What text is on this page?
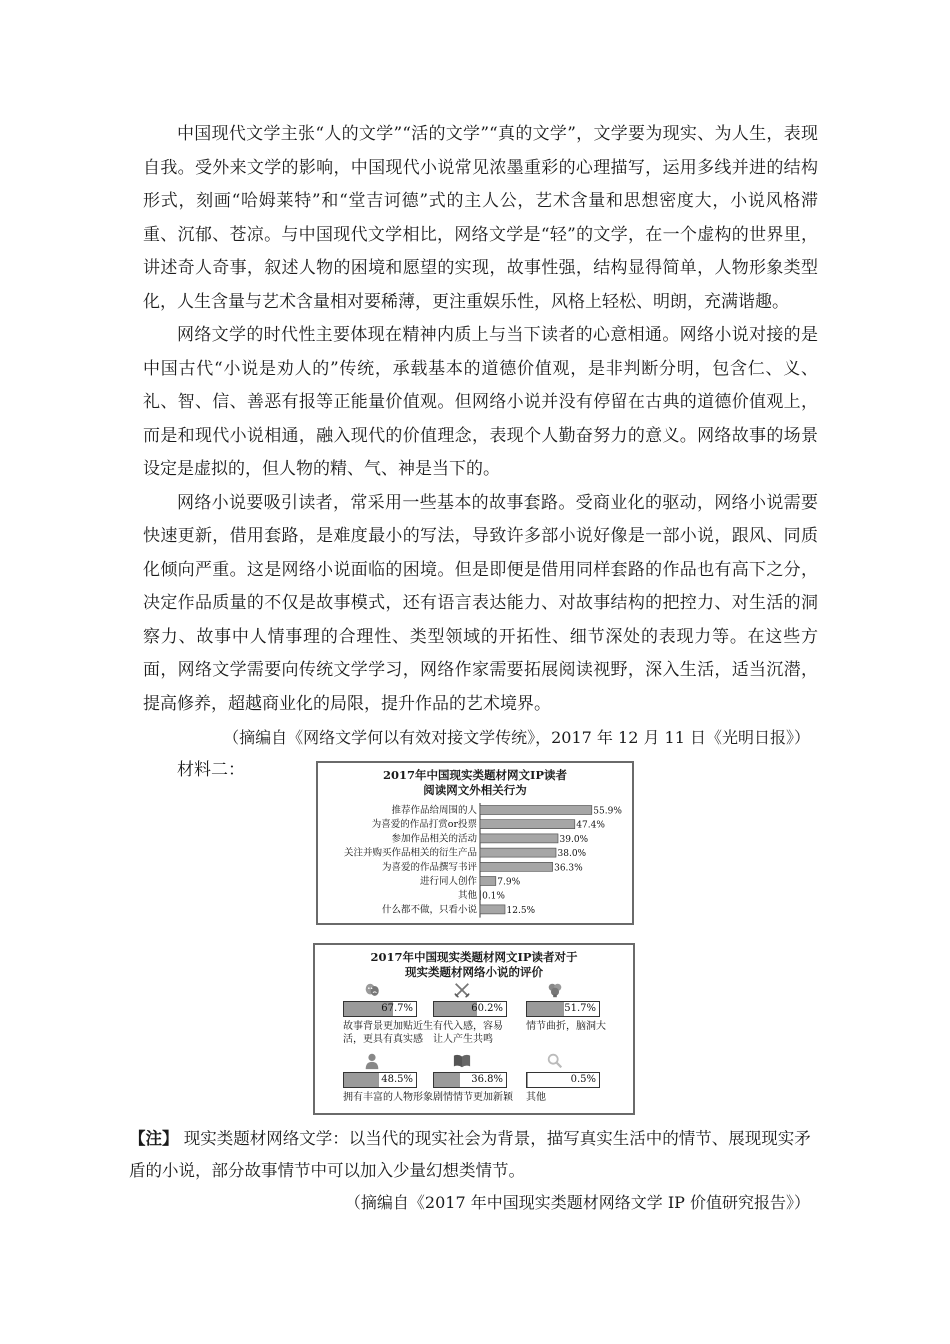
中国现代文学主张“人的文学”“活的文学”“真的文学”，文学要为现实、为人生，表现自我。受外来文学的影响，中国现代小说常见浓墨重彩的心理描写，运用多线并进的结构形式，刻画“哈姆莱特”和“堂吉诃德”式的主人公，艺术含量和思想密度大，小说风格滞重、沉郁、苍凉。与中国现代文学相比，网络文学是“轻”的文学，在一个虚构的世界里，讲述奇人奇事，叙述人物的困境和愿望的实现，故事性强，结构显得简单，人物形象类型化，人生含量与艺术含量相对要稀薄，更注重娱乐性，风格上轻松、明朗，充满谐趣。

网络文学的时代性主要体现在精神内质上与当下读者的心意相通。网络小说对接的是中国古代“小说是劝人的”传统，承载基本的道德价值观，是非判断分明，包含仁、义、礼、智、信、善恶有报等正能量价值观。但网络小说并没有停留在古典的道德价值观上，而是和现代小说相通，融入现代的价值理念，表现个人勤奋努力的意义。网络故事的场景设定是虚拟的，但人物的精、气、神是当下的。

网络小说要吸引读者，常采用一些基本的故事套路。受商业化的驱动，网络小说需要快速更新，借用套路，是难度最小的写法，导致许多部小说好像是一部小说，跟风、同质化倾向严重。这是网络小说面临的困境。但是即便是借用同样套路的作品也有高下之分，决定作品质量的不仅是故事模式，还有语言表达能力、对故事结构的把控力、对生活的洞察力、故事中人情事理的合理性、类型领域的开拓性、细节深处的表现力等。在这些方面，网络文学需要向传统文学学习，网络作家需要拓展阅读视野，深入生活，适当沉潜，提高修养，超越商业化的局限，提升作品的艺术境界。

（摘编自《网络文学何以有效对接文学传统》，2017 年 12 月 11 日《光明日报》）

材料二：	2017年中国现实类题材网文IP读者
阅读网文外相关行为
推荐作品给周围的人	55.9%
为喜爱的作品打赏or投票	47.4%
参加作品相关的活动	39.0%
关注并购买作品相关的衍生产品	38.0%
为喜爱的作品撰写书评	36.3%
进行同人创作 7.9%
其他 0.1%
什么都不做，只看小说	12.5%
2017年中国现实类题材网文IP读者对于
现实类题材网络小说的评价
67.7%
故事背景更加贴近生
活，更具有真实感
60.2%
有代入感，容易
让人产生共鸣
51.7%
情节曲折，脑洞大
48.5%
拥有丰富的人物形象
36.8%
剧情情节更加新颖
0.5%
其他

【注】 现实类题材网络文学：以当代的现实社会为背景，描写真实生活中的情节、展现现实矛盾的小说，部分故事情节中可以加入少量幻想类情节。

（摘编自《2017 年中国现实类题材网络文学 IP 价值研究报告》）
